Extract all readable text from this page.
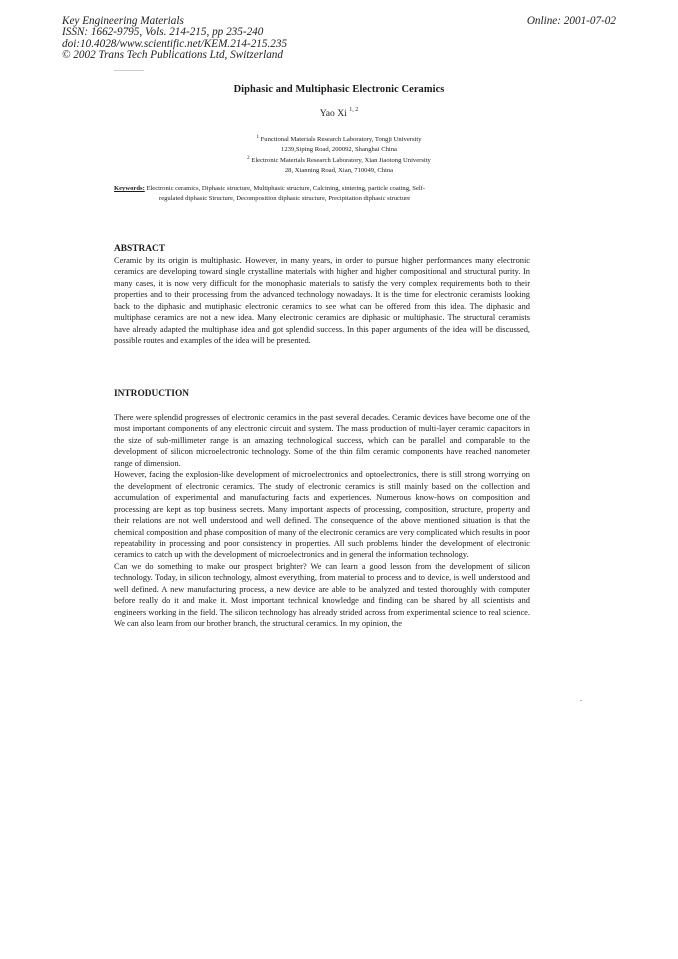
Key Engineering Materials
ISSN: 1662-9795, Vols. 214-215, pp 235-240
doi:10.4028/www.scientific.net/KEM.214-215.235
© 2002 Trans Tech Publications Ltd, Switzerland
Online: 2001-07-02
Diphasic and Multiphasic Electronic Ceramics
Yao Xi $^{1, 2}$
$^1$ Functional Materials Research Laboratory, Tongji University
1239,Siping Road, 200092, Shanghai China
$^2$ Electronic Materials Research Laboratory, Xian Jiaotong University
28, Xianning Road, Xian, 710049, China
Keywords: Electronic ceramics, Diphasic structure, Multiphasic structure, Calcining, sintering, particle coating, Self-
regulated diphasic Structure, Decomposition diphasic structure, Precipitation diphasic structure
ABSTRACT

Ceramic by its origin is multiphasic. However, in many years, in order to pursue higher performances many electronic ceramics are developing toward single crystalline materials with higher and higher compositional and structural purity. In many cases, it is now very difficult for the monophasic materials to satisfy the very complex requirements both to their properties and to their processing from the advanced technology nowadays. It is the time for electronic ceramists looking back to the diphasic and mutiphasic electronic ceramics to see what can be offered from this idea. The diphasic and multiphase ceramics are not a new idea. Many electronic ceramics are diphasic or multiphasic. The structural ceramists have already adapted the multiphase idea and got splendid success. In this paper arguments of the idea will be discussed, possible routes and examples of the idea will be presented.

INTRODUCTION

There were splendid progresses of electronic ceramics in the past several decades. Ceramic devices have become one of the most important components of any electronic circuit and system. The mass production of multi-layer ceramic capacitors in the size of sub-millimeter range is an amazing technological success, which can be parallel and comparable to the development of silicon microelectronic technology. Some of the thin film ceramic components have reached nanometer range of dimension.

However, facing the explosion-like development of microelectronics and optoelectronics, there is still strong worrying on the development of electronic ceramics. The study of electronic ceramics is still mainly based on the collection and accumulation of experimental and manufacturing facts and experiences. Numerous know-hows on composition and processing are kept as top business secrets. Many important aspects of processing, composition, structure, property and their relations are not well understood and well defined. The consequence of the above mentioned situation is that the chemical composition and phase composition of many of the electronic ceramics are very complicated which results in poor repeatability in processing and poor consistency in properties. All such problems hinder the development of electronic ceramics to catch up with the development of microelectronics and in general the information technology.

Can we do something to make our prospect brighter? We can learn a good lesson from the development of silicon technology. Today, in silicon technology, almost everything, from material to process and to device, is well understood and well defined. A new manufacturing process, a new device are able to be analyzed and tested thoroughly with computer before really do it and make it. Most important technical knowledge and finding can be shared by all scientists and engineers working in the field. The silicon technology has already strided across from experimental science to real science. We can also learn from our brother branch, the structural ceramics. In my opinion, the
